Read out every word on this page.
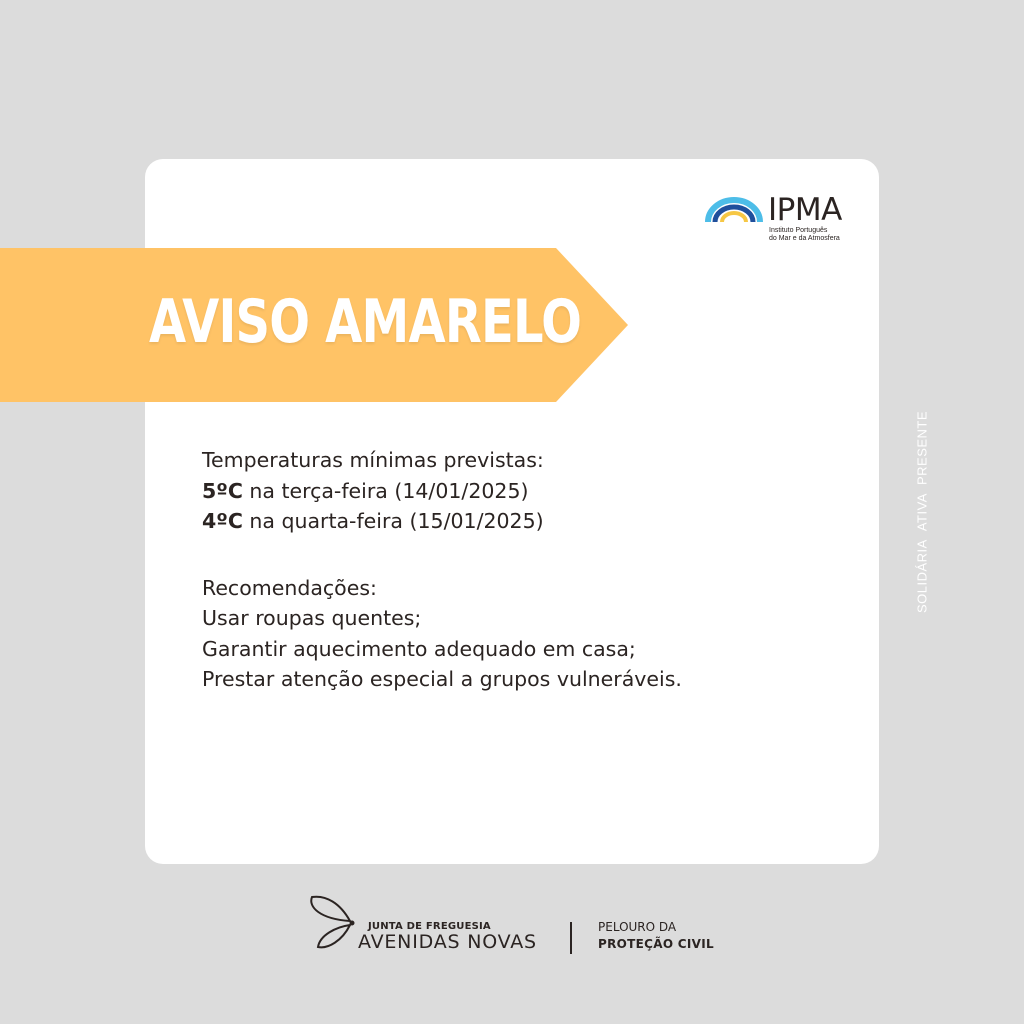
IPMA
Instituto Português
do Mar e da Atmosfera
AVISO AMARELO
Temperaturas mínimas previstas:
5ºC na terça-feira (14/01/2025)
4ºC na quarta-feira (15/01/2025)
Recomendações:
Usar roupas quentes;
Garantir aquecimento adequado em casa;
Prestar atenção especial a grupos vulneráveis.
SOLIDÁRIAATIVAPRESENTE
JUNTA DE FREGUESIA
AVENIDAS NOVAS
PELOURO DA
PROTEÇÃO CIVIL
